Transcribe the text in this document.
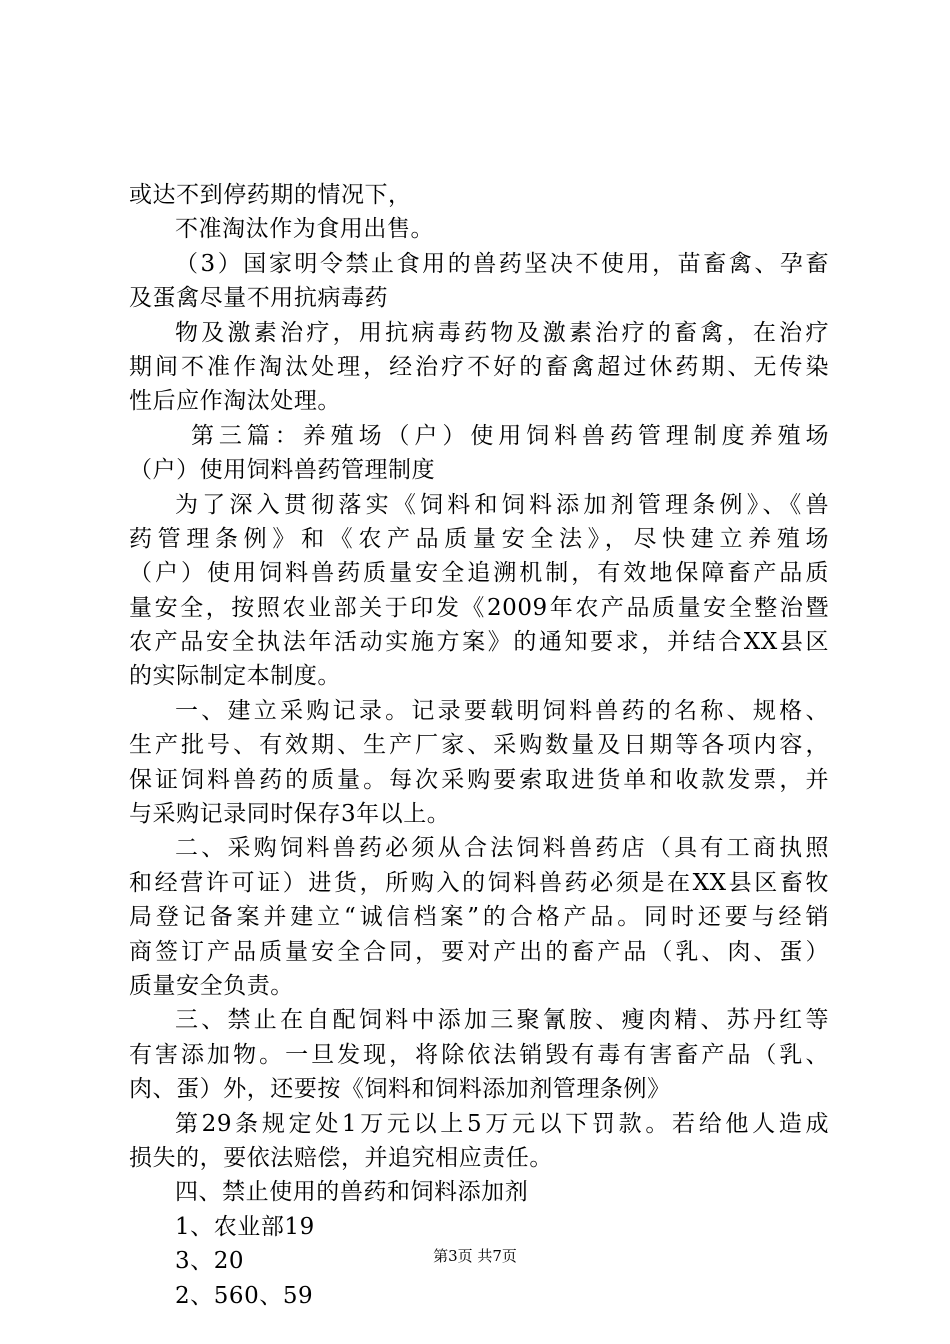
或达不到停药期的情况下，
不准淘汰作为食用出售。
（3）国家明令禁止食用的兽药坚决不使用，苗畜禽、孕畜
及蛋禽尽量不用抗病毒药
物及激素治疗，用抗病毒药物及激素治疗的畜禽，在治疗
期间不准作淘汰处理，经治疗不好的畜禽超过休药期、无传染
性后应作淘汰处理。
第三篇：养殖场（户）使用饲料兽药管理制度养殖场
（户）使用饲料兽药管理制度
为了深入贯彻落实《饲料和饲料添加剂管理条例》、《兽
药管理条例》和《农产品质量安全法》，尽快建立养殖场
（户）使用饲料兽药质量安全追溯机制，有效地保障畜产品质
量安全，按照农业部关于印发《2009年农产品质量安全整治暨
农产品安全执法年活动实施方案》的通知要求，并结合XX县区
的实际制定本制度。
一、建立采购记录。记录要载明饲料兽药的名称、规格、
生产批号、有效期、生产厂家、采购数量及日期等各项内容，
保证饲料兽药的质量。每次采购要索取进货单和收款发票，并
与采购记录同时保存3年以上。
二、采购饲料兽药必须从合法饲料兽药店（具有工商执照
和经营许可证）进货，所购入的饲料兽药必须是在XX县区畜牧
局登记备案并建立“诚信档案”的合格产品。同时还要与经销
商签订产品质量安全合同，要对产出的畜产品（乳、肉、蛋）
质量安全负责。
三、禁止在自配饲料中添加三聚氰胺、瘦肉精、苏丹红等
有害添加物。一旦发现，将除依法销毁有毒有害畜产品（乳、
肉、蛋）外，还要按《饲料和饲料添加剂管理条例》
第29条规定处1万元以上5万元以下罚款。若给他人造成
损失的，要依法赔偿，并追究相应责任。
四、禁止使用的兽药和饲料添加剂
1、农业部19
3、20
2、560、59
第3页 共7页
